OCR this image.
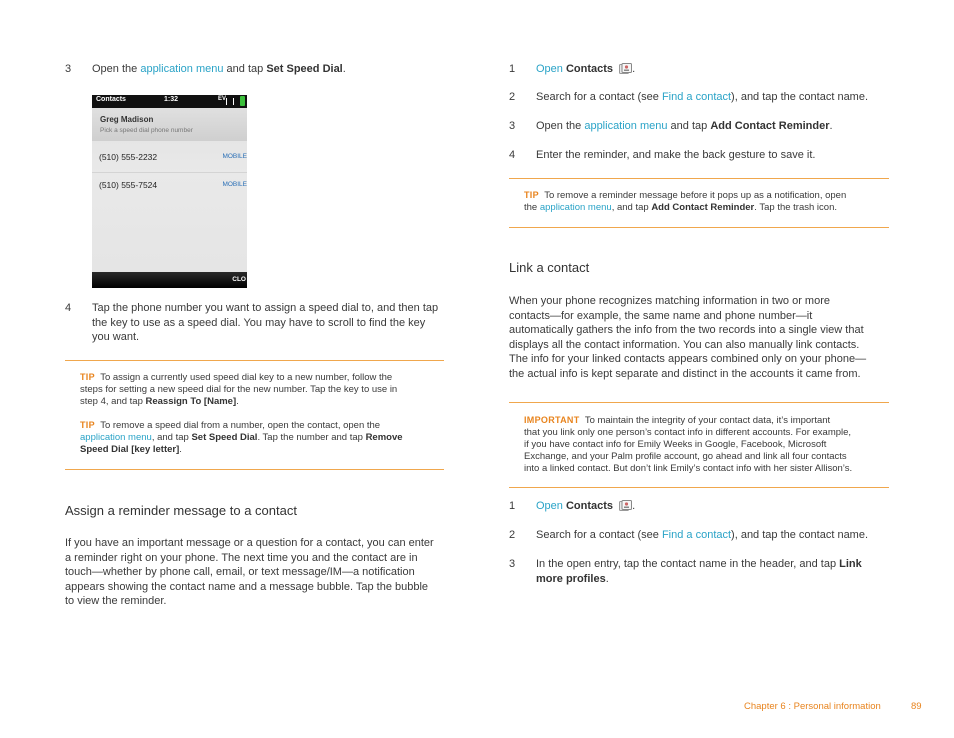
3 Open the application menu and tap Set Speed Dial.
Contacts	1:32	EV
Greg Madison
Pick a speed dial phone number
(510) 555-2232	MOBILE
(510) 555-7524	MOBILE
CLO
4 Tap the phone number you want to assign a speed dial to, and then tap
the key to use as a speed dial. You may have to scroll to find the key
you want.
TIP To assign a currently used speed dial key to a new number, follow the
steps for setting a new speed dial for the new number. Tap the key to use in
step 4, and tap Reassign To [Name].
TIP To remove a speed dial from a number, open the contact, open the
application menu, and tap Set Speed Dial. Tap the number and tap Remove
Speed Dial [key letter].
Assign a reminder message to a contact
If you have an important message or a question for a contact, you can enter
a reminder right on your phone. The next time you and the contact are in
touch—whether by phone call, email, or text message/IM—a notification
appears showing the contact name and a message bubble. Tap the bubble
to view the reminder.
1 Open Contacts .
2 Search for a contact (see Find a contact), and tap the contact name.
3 Open the application menu and tap Add Contact Reminder.
4 Enter the reminder, and make the back gesture to save it.
TIP To remove a reminder message before it pops up as a notification, open
the application menu, and tap Add Contact Reminder. Tap the trash icon.
Link a contact
When your phone recognizes matching information in two or more
contacts—for example, the same name and phone number—it
automatically gathers the info from the two records into a single view that
displays all the contact information. You can also manually link contacts.
The info for your linked contacts appears combined only on your phone—
the actual info is kept separate and distinct in the accounts it came from.
IMPORTANT To maintain the integrity of your contact data, it’s important
that you link only one person’s contact info in different accounts. For example,
if you have contact info for Emily Weeks in Google, Facebook, Microsoft
Exchange, and your Palm profile account, go ahead and link all four contacts
into a linked contact. But don’t link Emily’s contact info with her sister Allison’s.
1 Open Contacts .
2 Search for a contact (see Find a contact), and tap the contact name.
3 In the open entry, tap the contact name in the header, and tap Link
more profiles.
Chapter 6 : Personal information	89
